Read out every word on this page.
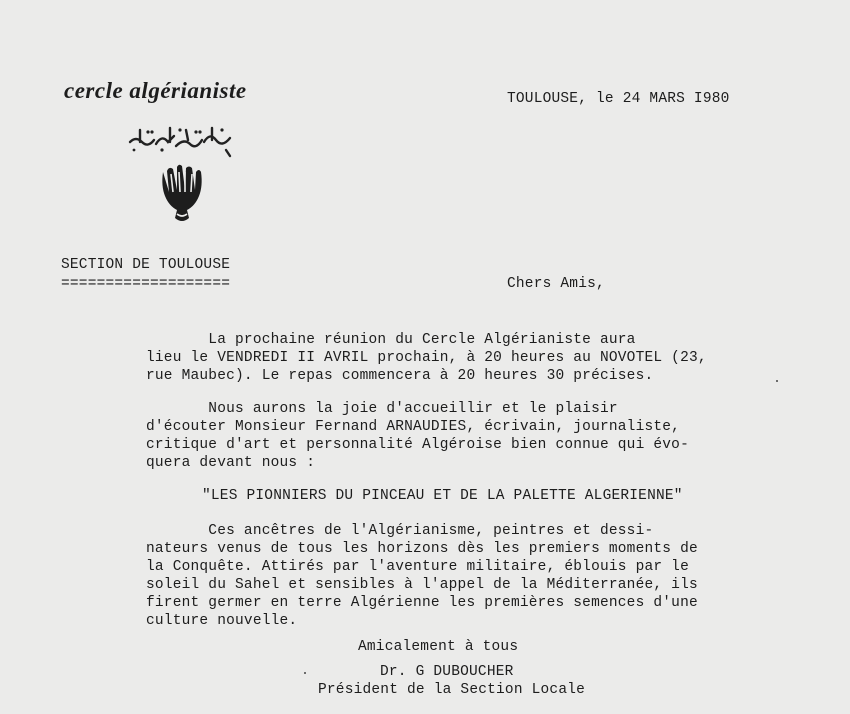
cercle algérianiste	TOULOUSE, le 24 MARS I980
SECTION DE TOULOUSE
===================	Chers Amis,
La prochaine réunion du Cercle Algérianiste aura
lieu le VENDREDI II AVRIL prochain, à 20 heures au NOVOTEL (23,
rue Maubec). Le repas commencera à 20 heures 30 précises.
Nous aurons la joie d'accueillir et le plaisir
d'écouter Monsieur Fernand ARNAUDIES, écrivain, journaliste,
critique d'art et personnalité Algéroise bien connue qui évo-
quera devant nous :
"LES PIONNIERS DU PINCEAU ET DE LA PALETTE ALGERIENNE"
Ces ancêtres de l'Algérianisme, peintres et dessi-
nateurs venus de tous les horizons dès les premiers moments de
la Conquête. Attirés par l'aventure militaire, éblouis par le
soleil du Sahel et sensibles à l'appel de la Méditerranée, ils
firent germer en terre Algérienne les premières semences d'une
culture nouvelle.
Amicalement à tous
Dr. G DUBOUCHER
Président de la Section Locale
